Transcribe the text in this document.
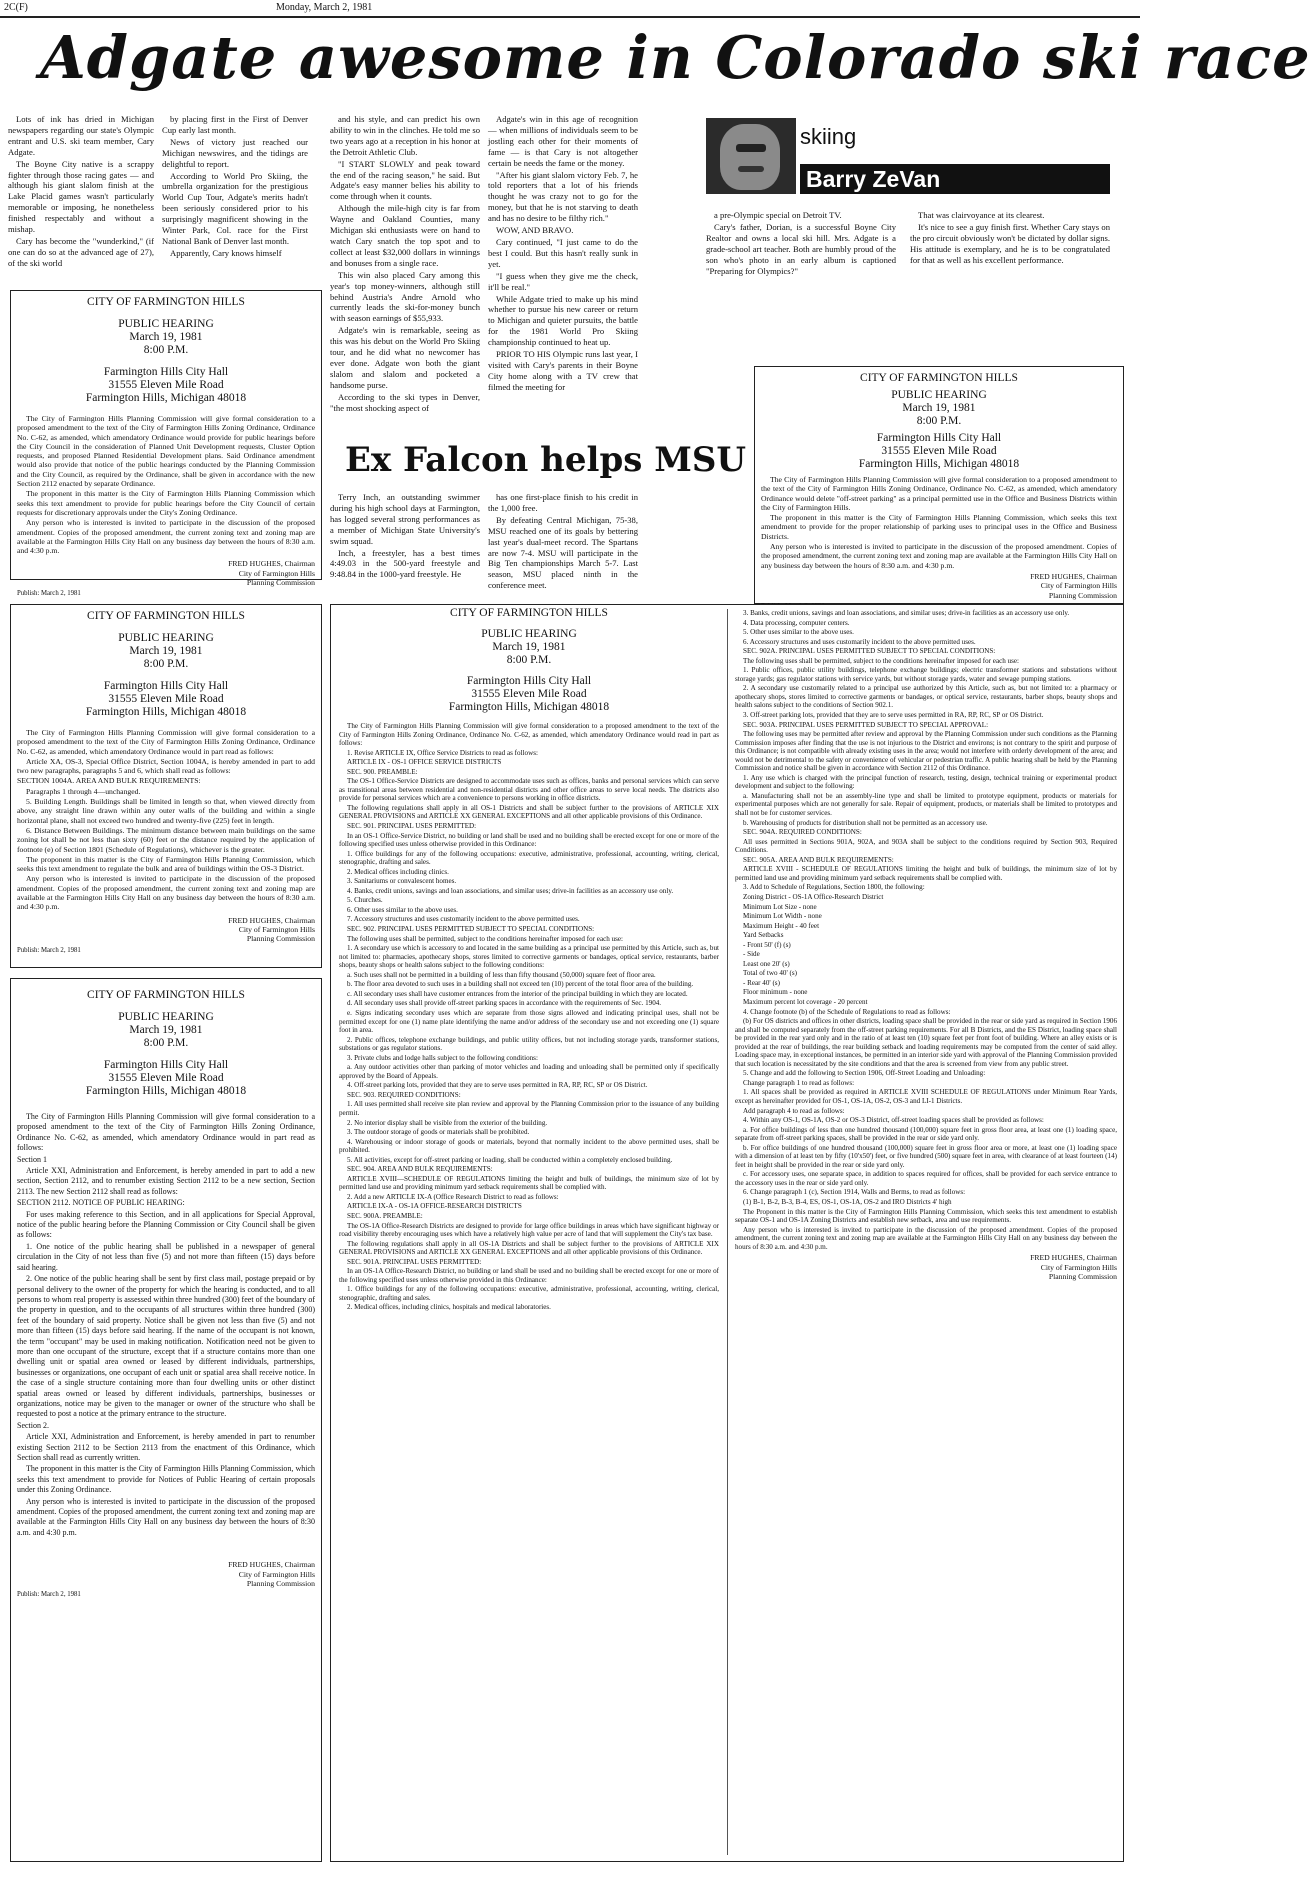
2C(F)	Monday, March 2, 1981
Adgate awesome in Colorado ski race

Lots of ink has dried in Michigan newspapers regarding our state's Olympic entrant and U.S. ski team member, Cary Adgate.

The Boyne City native is a scrappy fighter through those racing gates — and although his giant slalom finish at the Lake Placid games wasn't particularly memorable or imposing, he nonetheless finished respectably and without a mishap.

Cary has become the "wunderkind," (if one can do so at the advanced age of 27), of the ski world

by placing first in the First of Denver Cup early last month.

News of victory just reached our Michigan newswires, and the tidings are delightful to report.

According to World Pro Skiing, the umbrella organization for the prestigious World Cup Tour, Adgate's merits hadn't been seriously considered prior to his surprisingly magnificent showing in the Winter Park, Col. race for the First National Bank of Denver last month.

Apparently, Cary knows himself

and his style, and can predict his own ability to win in the clinches. He told me so two years ago at a reception in his honor at the Detroit Athletic Club.

"I START SLOWLY and peak toward the end of the racing season," he said. But Adgate's easy manner belies his ability to come through when it counts.

Although the mile-high city is far from Wayne and Oakland Counties, many Michigan ski enthusiasts were on hand to watch Cary snatch the top spot and to collect at least $32,000 dollars in winnings and bonuses from a single race.

This win also placed Cary among this year's top money-winners, although still behind Austria's Andre Arnold who currently leads the ski-for-money bunch with season earnings of $55,933.

Adgate's win is remarkable, seeing as this was his debut on the World Pro Skiing tour, and he did what no newcomer has ever done. Adgate won both the giant slalom and slalom and pocketed a handsome purse.

According to the ski types in Denver, "the most shocking aspect of

Adgate's win in this age of recognition — when millions of individuals seem to be jostling each other for their moments of fame — is that Cary is not altogether certain be needs the fame or the money.

"After his giant slalom victory Feb. 7, he told reporters that a lot of his friends thought he was crazy not to go for the money, but that he is not starving to death and has no desire to be filthy rich."

WOW, AND BRAVO.

Cary continued, "I just came to do the best I could. But this hasn't really sunk in yet.

"I guess when they give me the check, it'll be real."

While Adgate tried to make up his mind whether to pursue his new career or return to Michigan and quieter pursuits, the battle for the 1981 World Pro Skiing championship continued to heat up.

PRIOR TO HIS Olympic runs last year, I visited with Cary's parents in their Boyne City home along with a TV crew that filmed the meeting for

skiing
Barry ZeVan

a pre-Olympic special on Detroit TV.

Cary's father, Dorian, is a successful Boyne City Realtor and owns a local ski hill. Mrs. Adgate is a grade-school art teacher. Both are humbly proud of the son who's photo in an early album is captioned "Preparing for Olympics?"

That was clairvoyance at its clearest.

It's nice to see a guy finish first. Whether Cary stays on the pro circuit obviously won't be dictated by dollar signs. His attitude is exemplary, and he is to be congratulated for that as well as his excellent performance.

Ex Falcon helps MSU

Terry Inch, an outstanding swimmer during his high school days at Farmington, has logged several strong performances as a member of Michigan State University's swim squad.

Inch, a freestyler, has a best times 4:49.03 in the 500-yard freestyle and 9:48.84 in the 1000-yard freestyle. He

has one first-place finish to his credit in the 1,000 free.

By defeating Central Michigan, 75-38, MSU reached one of its goals by bettering last year's dual-meet record. The Spartans are now 7-4. MSU will participate in the Big Ten championships March 5-7. Last season, MSU placed ninth in the conference meet.

CITY OF FARMINGTON HILLS
PUBLIC HEARING
March 19, 1981
8:00 P.M.
Farmington Hills City Hall
31555 Eleven Mile Road
Farmington Hills, Michigan 48018

The City of Farmington Hills Planning Commission will give formal consideration to a proposed amendment to the text of the City of Farmington Hills Zoning Ordinance, Ordinance No. C-62, as amended, which amendatory Ordinance would provide for public hearings before the City Council in the consideration of Planned Unit Development requests, Cluster Option requests, and proposed Planned Residential Development plans. Said Ordinance amendment would also provide that notice of the public hearings conducted by the Planning Commission and the City Council, as required by the Ordinance, shall be given in accordance with the new Section 2112 enacted by separate Ordinance.

The proponent in this matter is the City of Farmington Hills Planning Commission which seeks this text amendment to provide for public hearings before the City Council of certain requests for discretionary approvals under the City's Zoning Ordinance.

Any person who is interested is invited to participate in the discussion of the proposed amendment. Copies of the proposed amendment, the current zoning text and zoning map are available at the Farmington Hills City Hall on any business day between the hours of 8:30 a.m. and 4:30 p.m.

FRED HUGHES, Chairman
City of Farmington Hills
Planning Commission
Publish: March 2, 1981
CITY OF FARMINGTON HILLS
PUBLIC HEARING
March 19, 1981
8:00 P.M.
Farmington Hills City Hall
31555 Eleven Mile Road
Farmington Hills, Michigan 48018

The City of Farmington Hills Planning Commission will give formal consideration to a proposed amendment to the text of the City of Farmington Hills Zoning Ordinance, Ordinance No. C-62, as amended, which amendatory Ordinance would delete "off-street parking" as a principal permitted use in the Office and Business Districts within the City of Farmington Hills.

The proponent in this matter is the City of Farmington Hills Planning Commission, which seeks this text amendment to provide for the proper relationship of parking uses to principal uses in the Office and Business Districts.

Any person who is interested is invited to participate in the discussion of the proposed amendment. Copies of the proposed amendment, the current zoning text and zoning map are available at the Farmington Hills City Hall on any business day between the hours of 8:30 a.m. and 4:30 p.m.

FRED HUGHES, Chairman
City of Farmington Hills
Planning Commission
CITY OF FARMINGTON HILLS
PUBLIC HEARING
March 19, 1981
8:00 P.M.
Farmington Hills City Hall
31555 Eleven Mile Road
Farmington Hills, Michigan 48018

The City of Farmington Hills Planning Commission will give formal consideration to a proposed amendment to the text of the City of Farmington Hills Zoning Ordinance, Ordinance No. C-62, as amended, which amendatory Ordinance would in part read as follows:

Article XA, OS-3, Special Office District, Section 1004A, is hereby amended in part to add two new paragraphs, paragraphs 5 and 6, which shall read as follows:

SECTION 1004A. AREA AND BULK REQUIREMENTS:

Paragraphs 1 through 4—unchanged.

5. Building Length. Buildings shall be limited in length so that, when viewed directly from above, any straight line drawn within any outer walls of the building and within a single horizontal plane, shall not exceed two hundred and twenty-five (225) feet in length.

6. Distance Between Buildings. The minimum distance between main buildings on the same zoning lot shall be not less than sixty (60) feet or the distance required by the application of footnote (e) of Section 1801 (Schedule of Regulations), whichever is the greater.

The proponent in this matter is the City of Farmington Hills Planning Commission, which seeks this text amendment to regulate the bulk and area of buildings within the OS-3 District.

Any person who is interested is invited to participate in the discussion of the proposed amendment. Copies of the proposed amendment, the current zoning text and zoning map are available at the Farmington Hills City Hall on any business day between the hours of 8:30 a.m. and 4:30 p.m.

FRED HUGHES, Chairman
City of Farmington Hills
Planning Commission
Publish: March 2, 1981
CITY OF FARMINGTON HILLS
PUBLIC HEARING
March 19, 1981
8:00 P.M.
Farmington Hills City Hall
31555 Eleven Mile Road
Farmington Hills, Michigan 48018

The City of Farmington Hills Planning Commission will give formal consideration to a proposed amendment to the text of the City of Farmington Hills Zoning Ordinance, Ordinance No. C-62, as amended, which amendatory Ordinance would in part read as follows:

Section 1

Article XXI, Administration and Enforcement, is hereby amended in part to add a new section, Section 2112, and to renumber existing Section 2112 to be a new section, Section 2113. The new Section 2112 shall read as follows:

SECTION 2112. NOTICE OF PUBLIC HEARING:

For uses making reference to this Section, and in all applications for Special Approval, notice of the public hearing before the Planning Commission or City Council shall be given as follows:

1. One notice of the public hearing shall be published in a newspaper of general circulation in the City of not less than five (5) and not more than fifteen (15) days before said hearing.

2. One notice of the public hearing shall be sent by first class mail, postage prepaid or by personal delivery to the owner of the property for which the hearing is conducted, and to all persons to whom real property is assessed within three hundred (300) feet of the boundary of the property in question, and to the occupants of all structures within three hundred (300) feet of the boundary of said property. Notice shall be given not less than five (5) and not more than fifteen (15) days before said hearing. If the name of the occupant is not known, the term "occupant" may be used in making notification. Notification need not be given to more than one occupant of the structure, except that if a structure contains more than one dwelling unit or spatial area owned or leased by different individuals, partnerships, businesses or organizations, one occupant of each unit or spatial area shall receive notice. In the case of a single structure containing more than four dwelling units or other distinct spatial areas owned or leased by different individuals, partnerships, businesses or organizations, notice may be given to the manager or owner of the structure who shall be requested to post a notice at the primary entrance to the structure.

Section 2.

Article XXI, Administration and Enforcement, is hereby amended in part to renumber existing Section 2112 to be Section 2113 from the enactment of this Ordinance, which Section shall read as currently written.

The proponent in this matter is the City of Farmington Hills Planning Commission, which seeks this text amendment to provide for Notices of Public Hearing of certain proposals under this Zoning Ordinance.

Any person who is interested is invited to participate in the discussion of the proposed amendment. Copies of the proposed amendment, the current zoning text and zoning map are available at the Farmington Hills City Hall on any business day between the hours of 8:30 a.m. and 4:30 p.m.

FRED HUGHES, Chairman
City of Farmington Hills
Planning Commission
Publish: March 2, 1981
CITY OF FARMINGTON HILLS
PUBLIC HEARING
March 19, 1981
8:00 P.M.
Farmington Hills City Hall
31555 Eleven Mile Road
Farmington Hills, Michigan 48018

The City of Farmington Hills Planning Commission will give formal consideration to a proposed amendment to the text of the City of Farmington Hills Zoning Ordinance, Ordinance No. C-62, as amended, which amendatory Ordinance would read in part as follows:

1. Revise ARTICLE IX, Office Service Districts to read as follows:

ARTICLE IX - OS-1 OFFICE SERVICE DISTRICTS

SEC. 900. PREAMBLE:

The OS-1 Office-Service Districts are designed to accommodate uses such as offices, banks and personal services which can serve as transitional areas between residential and non-residential districts and other office areas to serve local needs. The districts also provide for personal services which are a convenience to persons working in office districts.

The following regulations shall apply in all OS-1 Districts and shall be subject further to the provisions of ARTICLE XIX GENERAL PROVISIONS and ARTICLE XX GENERAL EXCEPTIONS and all other applicable provisions of this Ordinance.

SEC. 901. PRINCIPAL USES PERMITTED:

In an OS-1 Office-Service District, no building or land shall be used and no building shall be erected except for one or more of the following specified uses unless otherwise provided in this Ordinance:

1. Office buildings for any of the following occupations: executive, administrative, professional, accounting, writing, clerical, stenographic, drafting and sales.

2. Medical offices including clinics.

3. Sanitariums or convalescent homes.

4. Banks, credit unions, savings and loan associations, and similar uses; drive-in facilities as an accessory use only.

5. Churches.

6. Other uses similar to the above uses.

7. Accessory structures and uses customarily incident to the above permitted uses.

SEC. 902. PRINCIPAL USES PERMITTED SUBJECT TO SPECIAL CONDITIONS:

The following uses shall be permitted, subject to the conditions hereinafter imposed for each use:

1. A secondary use which is accessory to and located in the same building as a principal use permitted by this Article, such as, but not limited to: pharmacies, apothecary shops, stores limited to corrective garments or bandages, optical service, restaurants, barber shops, beauty shops or health salons subject to the following conditions:

a. Such uses shall not be permitted in a building of less than fifty thousand (50,000) square feet of floor area.

b. The floor area devoted to such uses in a building shall not exceed ten (10) percent of the total floor area of the building.

c. All secondary uses shall have customer entrances from the interior of the principal building in which they are located.

d. All secondary uses shall provide off-street parking spaces in accordance with the requirements of Sec. 1904.

e. Signs indicating secondary uses which are separate from those signs allowed and indicating principal uses, shall not be permitted except for one (1) name plate identifying the name and/or address of the secondary use and not exceeding one (1) square foot in area.

2. Public offices, telephone exchange buildings, and public utility offices, but not including storage yards, transformer stations, substations or gas regulator stations.

3. Private clubs and lodge halls subject to the following conditions:

a. Any outdoor activities other than parking of motor vehicles and loading and unloading shall be permitted only if specifically approved by the Board of Appeals.

4. Off-street parking lots, provided that they are to serve uses permitted in RA, RP, RC, SP or OS District.

SEC. 903. REQUIRED CONDITIONS:

1. All uses permitted shall receive site plan review and approval by the Planning Commission prior to the issuance of any building permit.

2. No interior display shall be visible from the exterior of the building.

3. The outdoor storage of goods or materials shall be prohibited.

4. Warehousing or indoor storage of goods or materials, beyond that normally incident to the above permitted uses, shall be prohibited.

5. All activities, except for off-street parking or loading, shall be conducted within a completely enclosed building.

SEC. 904. AREA AND BULK REQUIREMENTS:

ARTICLE XVIII—SCHEDULE OF REGULATIONS limiting the height and bulk of buildings, the minimum size of lot by permitted land use and providing minimum yard setback requirements shall be complied with.

2. Add a new ARTICLE IX-A (Office Research District to read as follows:

ARTICLE IX-A - OS-1A OFFICE-RESEARCH DISTRICTS

SEC. 900A. PREAMBLE:

The OS-1A Office-Research Districts are designed to provide for large office buildings in areas which have significant highway or road visibility thereby encouraging uses which have a relatively high value per acre of land that will supplement the City's tax base.

The following regulations shall apply in all OS-1A Districts and shall be subject further to the provisions of ARTICLE XIX GENERAL PROVISIONS and ARTICLE XX GENERAL EXCEPTIONS and all other applicable provisions of this Ordinance.

SEC. 901A. PRINCIPAL USES PERMITTED:

In an OS-1A Office-Research District, no building or land shall be used and no building shall be erected except for one or more of the following specified uses unless otherwise provided in this Ordinance:

1. Office buildings for any of the following occupations: executive, administrative, professional, accounting, writing, clerical, stenographic, drafting and sales.

2. Medical offices, including clinics, hospitals and medical laboratories.

3. Banks, credit unions, savings and loan associations, and similar uses; drive-in facilities as an accessory use only.

4. Data processing, computer centers.

5. Other uses similar to the above uses.

6. Accessory structures and uses customarily incident to the above permitted uses.

SEC. 902A. PRINCIPAL USES PERMITTED SUBJECT TO SPECIAL CONDITIONS:

The following uses shall be permitted, subject to the conditions hereinafter imposed for each use:

1. Public offices, public utility buildings, telephone exchange buildings; electric transformer stations and substations without storage yards; gas regulator stations with service yards, but without storage yards, water and sewage pumping stations.

2. A secondary use customarily related to a principal use authorized by this Article, such as, but not limited to: a pharmacy or apothecary shops, stores limited to corrective garments or bandages, or optical service, restaurants, barber shops, beauty shops and health salons subject to the conditions of Section 902.1.

3. Off-street parking lots, provided that they are to serve uses permitted in RA, RP, RC, SP or OS District.

SEC. 903A. PRINCIPAL USES PERMITTED SUBJECT TO SPECIAL APPROVAL:

The following uses may be permitted after review and approval by the Planning Commission under such conditions as the Planning Commission imposes after finding that the use is not injurious to the District and environs; is not contrary to the spirit and purpose of this Ordinance; is not compatible with already existing uses in the area; would not interfere with orderly development of the area; and would not be detrimental to the safety or convenience of vehicular or pedestrian traffic. A public hearing shall be held by the Planning Commission and notice shall be given in accordance with Section 2112 of this Ordinance.

1. Any use which is charged with the principal function of research, testing, design, technical training or experimental product development and subject to the following:

a. Manufacturing shall not be an assembly-line type and shall be limited to prototype equipment, products or materials for experimental purposes which are not generally for sale. Repair of equipment, products, or materials shall be limited to prototypes and shall not be for customer services.

b. Warehousing of products for distribution shall not be permitted as an accessory use.

SEC. 904A. REQUIRED CONDITIONS:

All uses permitted in Sections 901A, 902A, and 903A shall be subject to the conditions required by Section 903, Required Conditions.

SEC. 905A. AREA AND BULK REQUIREMENTS:

ARTICLE XVIII - SCHEDULE OF REGULATIONS limiting the height and bulk of buildings, the minimum size of lot by permitted land use and providing minimum yard setback requirements shall be complied with.

3. Add to Schedule of Regulations, Section 1800, the following:

Zoning District - OS-1A Office-Research District

Minimum Lot Size - none

Minimum Lot Width - none

Maximum Height - 40 feet

Yard Setbacks

- Front 50' (f) (s)

- Side

Least one 20' (s)

Total of two 40' (s)

- Rear 40' (s)

Floor minimum - none

Maximum percent lot coverage - 20 percent

4. Change footnote (b) of the Schedule of Regulations to read as follows:

(b) For OS districts and offices in other districts, loading space shall be provided in the rear or side yard as required in Section 1906 and shall be computed separately from the off-street parking requirements. For all B Districts, and the ES District, loading space shall be provided in the rear yard only and in the ratio of at least ten (10) square feet per front foot of building. Where an alley exists or is provided at the rear of buildings, the rear building setback and loading requirements may be computed from the center of said alley. Loading space may, in exceptional instances, be permitted in an interior side yard with approval of the Planning Commission provided that such location is necessitated by the site conditions and that the area is screened from view from any public street.

5. Change and add the following to Section 1906, Off-Street Loading and Unloading:

Change paragraph 1 to read as follows:

1. All spaces shall be provided as required in ARTICLE XVIII SCHEDULE OF REGULATIONS under Minimum Rear Yards, except as hereinafter provided for OS-1, OS-1A, OS-2, OS-3 and LI-1 Districts.

Add paragraph 4 to read as follows:

4. Within any OS-1, OS-1A, OS-2 or OS-3 District, off-street loading spaces shall be provided as follows:

a. For office buildings of less than one hundred thousand (100,000) square feet in gross floor area, at least one (1) loading space, separate from off-street parking spaces, shall be provided in the rear or side yard only.

b. For office buildings of one hundred thousand (100,000) square feet in gross floor area or more, at least one (1) loading space with a dimension of at least ten by fifty (10'x50') feet, or five hundred (500) square feet in area, with clearance of at least fourteen (14) feet in height shall be provided in the rear or side yard only.

c. For accessory uses, one separate space, in addition to spaces required for offices, shall be provided for each service entrance to the accessory uses in the rear or side yard only.

6. Change paragraph 1 (c), Section 1914, Walls and Berms, to read as follows:

(1) B-1, B-2, B-3, B-4, ES, OS-1, OS-1A, OS-2 and IRO Districts 4' high

The Proponent in this matter is the City of Farmington Hills Planning Commission, which seeks this text amendment to establish separate OS-1 and OS-1A Zoning Districts and establish new setback, area and use requirements.

Any person who is interested is invited to participate in the discussion of the proposed amendment. Copies of the proposed amendment, the current zoning text and zoning map are available at the Farmington Hills City Hall on any business day between the hours of 8:30 a.m. and 4:30 p.m.

FRED HUGHES, Chairman
City of Farmington Hills
Planning Commission
